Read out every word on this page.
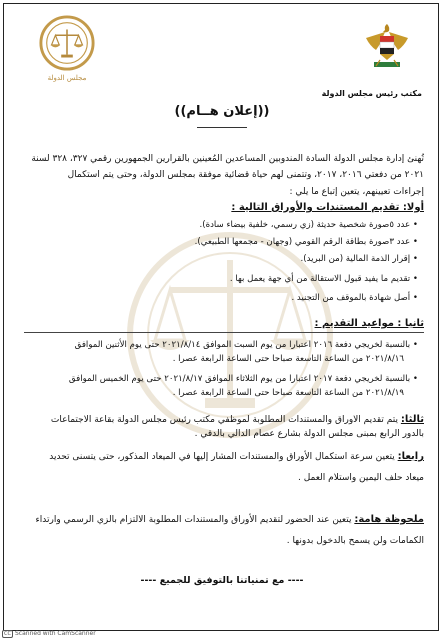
مجلس الدولة
مكتب رئيس مجلس الدولة
((إعلان هــام))
تُهنئ إدارة مجلس الدولة السادة المندوبين المساعدين المُعينين بالقرارين الجمهورين رقمي ٣٢٧، ٣٢٨ لسنة
٢٠٢١ من دفعتي ٢٠١٦، ٢٠١٧، وتتمنى لهم حياة قضائية موفقة بمجلس الدولة، وحتى يتم استكمال
إجراءات تعيينهم، يتعين إتباع ما يلي :
أولا: تقديم المستندات والأوراق التالية :
• عدد ٥صورة شخصية حديثة (زي رسمي، خلفية بيضاء سادة).
• عدد ٣صورة بطاقة الرقم القومي (وجهان - مجمعها الطبيعي).
• إقرار الذمة المالية (من البريد).
• تقديم ما يفيد قبول الاستقالة من أي جهة يعمل بها .
• أصل شهادة بالموقف من التجنيد .
ثانيا : مواعيد التقديم :
• بالنسبة لخريجي دفعة ٢٠١٦ اعتبارا من يوم السبت الموافق ٢٠٢١/٨/١٤ حتى يوم الأثنين الموافق
٢٠٢١/٨/١٦ من الساعة التاسعة صباحا حتى الساعة الرابعة عصرا .
• بالنسبة لخريجي دفعة ٢٠١٧ اعتبارا من يوم الثلاثاء الموافق ٢٠٢١/٨/١٧ حتى يوم الخميس الموافق
٢٠٢١/٨/١٩ من الساعة التاسعة صباحا حتى الساعة الرابعة عصرا .
ثالثا: يتم تقديم الاوراق والمستندات المطلوبة لموظفي مكتب رئيس مجلس الدولة بقاعة الاجتماعات
بالدور الرابع بمبنى مجلس الدولة بشارع عصام الدالي بالدقي .
رابعا: يتعين سرعة استكمال الأوراق والمستندات المشار إليها في الميعاد المذكور، حتى يتسنى تحديد
ميعاد حلف اليمين واستلام العمل .
ملحوظة هامة: يتعين عند الحضور لتقديم الأوراق والمستندات المطلوبة الالتزام بالزي الرسمي وارتداء
الكمامات ولن يسمح بالدخول بدونها .
---- مع تمنياتنا بالتوفيق للجميع ----
CC Scanned with CamScanner
